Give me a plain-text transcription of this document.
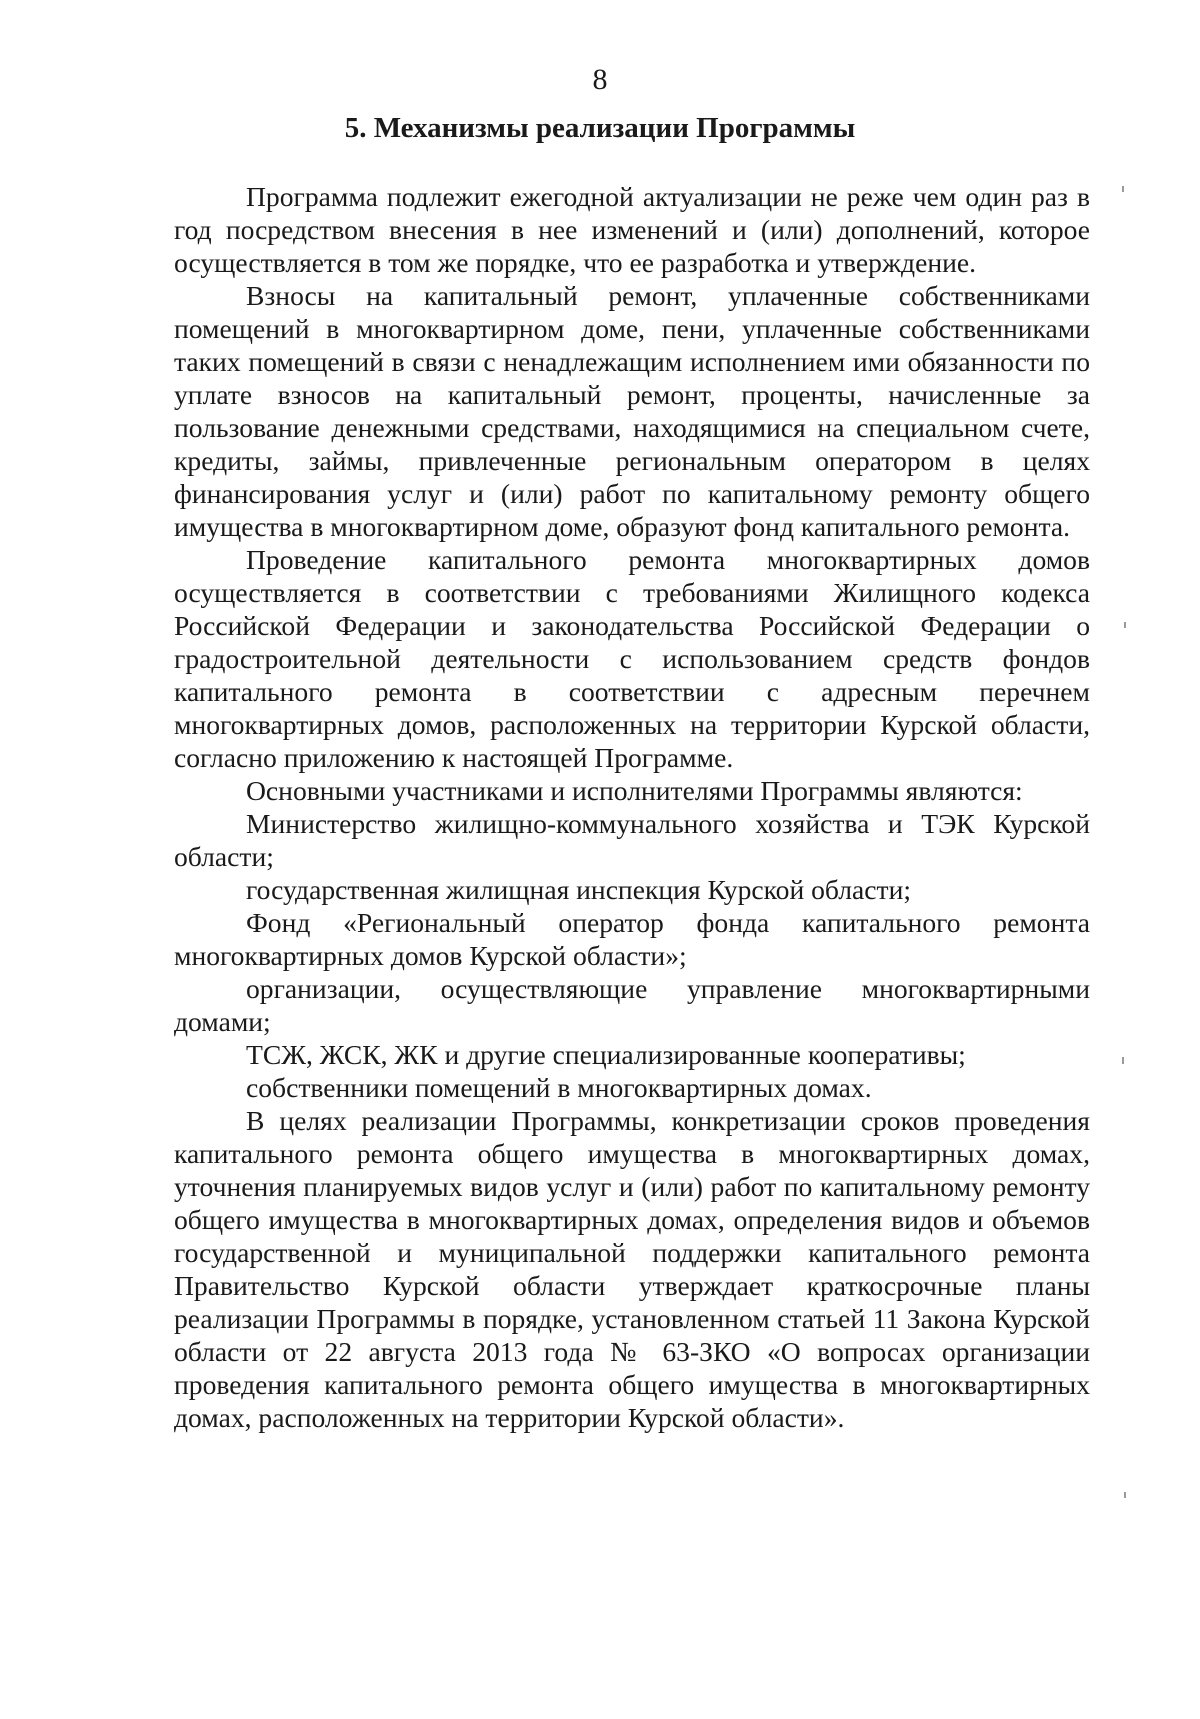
8
5. Механизмы реализации Программы

Программа подлежит ежегодной актуализации не реже чем один раз в год посредством внесения в нее изменений и (или) дополнений, которое осуществляется в том же порядке, что ее разработка и утверждение.

Взносы на капитальный ремонт, уплаченные собственниками помещений в многоквартирном доме, пени, уплаченные собственниками таких помещений в связи с ненадлежащим исполнением ими обязанности по уплате взносов на капитальный ремонт, проценты, начисленные за пользование денежными средствами, находящимися на специальном счете, кредиты, займы, привлеченные региональным оператором в целях финансирования услуг и (или) работ по капитальному ремонту общего имущества в многоквартирном доме, образуют фонд капитального ремонта.

Проведение капитального ремонта многоквартирных домов осуществляется в соответствии с требованиями Жилищного кодекса Российской Федерации и законодательства Российской Федерации о градостроительной деятельности с использованием средств фондов капитального ремонта в соответствии с адресным перечнем многоквартирных домов, расположенных на территории Курской области, согласно приложению к настоящей Программе.

Основными участниками и исполнителями Программы являются:

Министерство жилищно-коммунального хозяйства и ТЭК Курской области;

государственная жилищная инспекция Курской области;

Фонд «Региональный оператор фонда капитального ремонта многоквартирных домов Курской области»;

организации, осуществляющие управление многоквартирными домами;

ТСЖ, ЖСК, ЖК и другие специализированные кооперативы;

собственники помещений в многоквартирных домах.

В целях реализации Программы, конкретизации сроков проведения капитального ремонта общего имущества в многоквартирных домах, уточнения планируемых видов услуг и (или) работ по капитальному ремонту общего имущества в многоквартирных домах, определения видов и объемов государственной и муниципальной поддержки капитального ремонта Правительство Курской области утверждает краткосрочные планы реализации Программы в порядке, установленном статьей 11 Закона Курской области от 22 августа 2013 года № 63-ЗКО «О вопросах организации проведения капитального ремонта общего имущества в многоквартирных домах, расположенных на территории Курской области».
